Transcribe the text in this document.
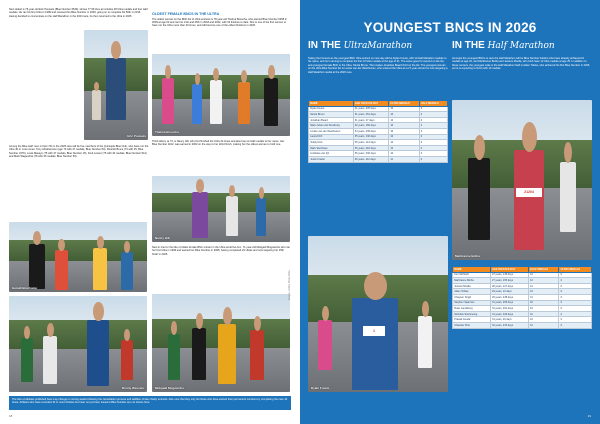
Next oldest is 75-year-old Eric Pouwels (Blue Number 6549), whose 77.59 tries at includes 28 Ultra medals and four Half medals. He ran his first Ultra in 1989 and received his Blue Number in 2009, going on to complete his 50th in 2015. Having decided to concentrate on the Half Marathon in the 2024 race, he then returned to the Ultra in 2025.

Eric Pouwels
Among the Blue Half' men in their 70s in the 2026 race will be five members of the Quintuple Blue Club, who have run the Ultra 40 or more times: Tony Abrahamson (age 73 with 47 medals, Blue Number 60), Ricardo Bruce (73 with 45, Blue Number 2476), Louis Massyn (75 with 47 medals, Blue Number 15), Fred Looser (75 with 40 medals, Blue Number 512) and Mark Wagendrai (76 with 46 medals, Blue Number 59).
Gerald Bruchamp
Ronny Wessels
OLDEST FEMALE BNCS IN THE ULTRA

The oldest woman on the BNC list of Ultra entrants is 78-year-old Thelma Bosscha, who earned Blue Number 6458 in 2009 at age 62 and ran her 21st and 25th in 2018 and 2022, with 32 finishes to date. She is one of the first women to have run the Ultra more than 20 times, and will become one of the oldest finishers in 2026.

Thelma Bosscha

Third oldest, at 73, is Nancy Hill, who first finished the Ultra 22 times and also has six Half medals to her name. Her Blue Number 1102, was earned in 2002 on the way to her 22nd finish, making her the oldest woman to hold one.

Nancy Hill

Next in line for the title of oldest female BNC entrant in the Ultra would be Ann, 71-year-old Mokgadi Mogwerdre who ran her first Ultra in 1999 and earned her Blue Number in 2008, having completed 23 Ultras and now targeting her 25th finish in 2026.

Mokgadi Mogwerdre
Images: Jetline Photo Afrika
The lists of athletes published here may change in coming weeks following the cancellation process and addition of late charity entrants. Also note that they only list those who have earned their permanent numbers by completing the race 10 times. Athletes who have recorded 10 or more finishes but have not yet been issued a Blue Number are not shown here.
18
YOUNGEST BNCS IN 2026
IN THE UltraMarathon	IN THE Half Marathon

Taking the honours as the youngest BNC Ultra entrant on race day will be Dylan Fourie, with 10 Half Marathon medals to his name, and he is aiming to complete his first 10 Ultra medals at the age of 31. The same goes for second on the list, and youngest female BNC in the Ultra, Nicola Bruno. That makes Jonathan Beard third on the list. The youngest woman on the Ultra Blue Number list is Louise van der Westhuizen, who entered the Ultra as a 27-year-old and is now targeting a Half Marathon medal at the 2026 race.

Amongst the youngest BNCs to race the Half Marathon will be Blue Number holders who have already achieved 10 medals at age 34, and Marlizanne Botha and Jessica Moolla, who both have 10 Ultra medals at age 25. In addition to these runners, the youngest male in the Half Marathon field is Aiden Tobias, who achieved his first Blue Number in 2026, as he is expecting to finish with 10 medals.

NAME	AGE ON RACE DAY	ULTRA MEDALS	HALF MEDALS
Dylan Fourie	31 years, 205 days	10	0
Nicola Bruno	31 years, 251 days	10	0
Jonathan Beard	31 years, 27 days	10	0
Mark-Johan van Rensburg	32 years, 169 days	10	0
Louise van der Westhuizen	34 years, 235 days	10	3
Laura Frith	35 years, 130 days	10	0
Teddy Nuis	35 years, 114 days	10	0
Mark Steinhaus	35 years, 218 days	10	0
Lindisiwe van Zyl	35 years, 330 days	10	0
Justin Fowler	36 years, 112 days	11	0
1
Dylan Fourie
21204
Marlizanne Botha
NAME	AGE ON RACE DAY	HALF MEDALS	ULTRA MEDALS
Keri Wohlwill	27 years, 135 days	10	0
Marlizanne Botha	27 years, 265 days	10	0
Jessica Moolla	28 years, 127 days	10	0
Aiden Tobias	29 years, 10 days	10	0
Chayson Singh	29 years, 238 days	10	0
Stephen Sparman	31 years, 265 days	10	0
Ruan Landsberg	31 years, 291 days	10	0
Nicholas Strehmeing	31 years, 326 days	10	0
Prasad Gouda	31 years, 46 days	10	0
Chanelle Pirot	32 years, 234 days	10	0
19
